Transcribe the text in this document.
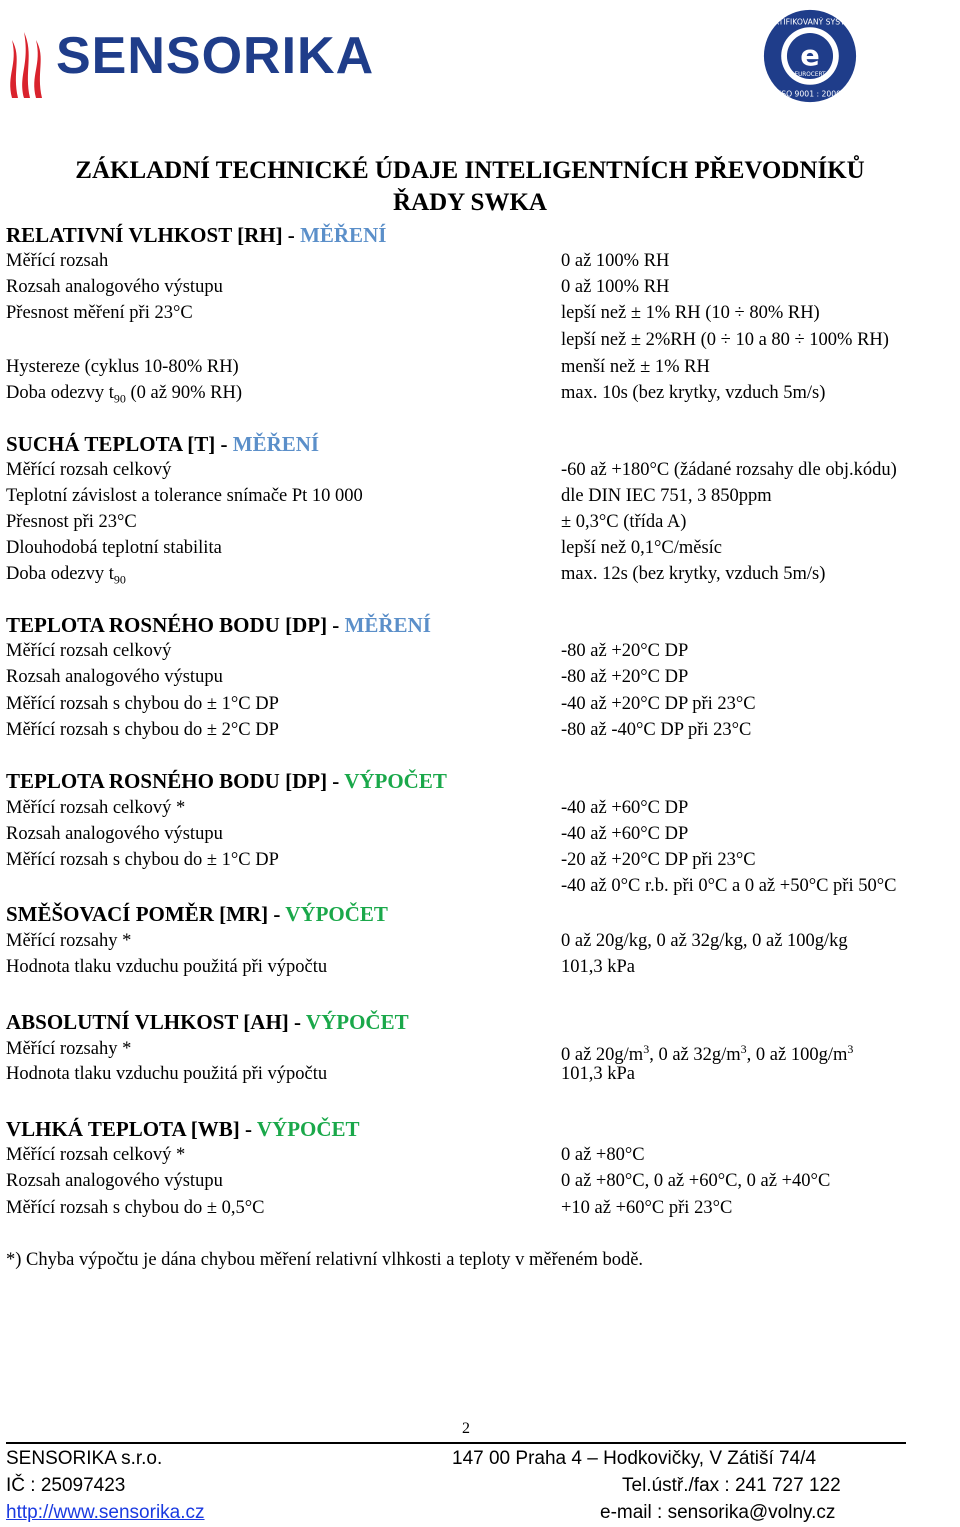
SENSORIKA	e
CERTIFIKOVANÝ SYSTÉM
ISO 9001 : 2000
EUROCERT
ZÁKLADNÍ TECHNICKÉ ÚDAJE INTELIGENTNÍCH PŘEVODNÍKŮ
ŘADY SWKA
RELATIVNÍ VLHKOST [RH] - MĚŘENÍ
Měřící rozsah	0 až 100% RH
Rozsah analogového výstupu	0 až 100% RH
Přesnost měření při 23°C	lepší než ± 1% RH (10 ÷ 80% RH)
lepší než ± 2%RH (0 ÷ 10 a 80 ÷ 100% RH)
Hystereze (cyklus 10-80% RH)	menší než ± 1% RH
Doba odezvy $t_{90}$ (0 až 90% RH)	max. 10s (bez krytky, vzduch 5m/s)
SUCHÁ TEPLOTA [T] - MĚŘENÍ
Měřící rozsah celkový	-60 až +180°C (žádané rozsahy dle obj.kódu)
Teplotní závislost a tolerance snímače Pt 10 000	dle DIN IEC 751, 3 850ppm
Přesnost při 23°C	± 0,3°C (třída A)
Dlouhodobá teplotní stabilita	lepší než 0,1°C/měsíc
Doba odezvy $t_{90}$	max. 12s (bez krytky, vzduch 5m/s)
TEPLOTA ROSNÉHO BODU [DP] - MĚŘENÍ
Měřící rozsah celkový	-80 až +20°C DP
Rozsah analogového výstupu	-80 až +20°C DP
Měřící rozsah s chybou do ± 1°C DP	-40 až +20°C DP při 23°C
Měřící rozsah s chybou do ± 2°C DP	-80 až -40°C DP při 23°C
TEPLOTA ROSNÉHO BODU [DP] - VÝPOČET
Měřící rozsah celkový *	-40 až +60°C DP
Rozsah analogového výstupu	-40 až +60°C DP
Měřící rozsah s chybou do ± 1°C DP	-20 až +20°C DP při 23°C
-40 až 0°C r.b. při 0°C a 0 až +50°C při 50°C
SMĚŠOVACÍ POMĚR [MR] - VÝPOČET
Měřící rozsahy *	0 až 20g/kg, 0 až 32g/kg, 0 až 100g/kg
Hodnota tlaku vzduchu použitá při výpočtu	101,3 kPa
ABSOLUTNÍ VLHKOST [AH] - VÝPOČET
Měřící rozsahy *	0 až $20g/m^3$, 0 až $32g/m^3$, 0 až $100g/m^3$
Hodnota tlaku vzduchu použitá při výpočtu	101,3 kPa
VLHKÁ TEPLOTA [WB] - VÝPOČET
Měřící rozsah celkový *	0 až +80°C
Rozsah analogového výstupu	0 až +80°C, 0 až +60°C, 0 až +40°C
Měřící rozsah s chybou do ± 0,5°C	+10 až +60°C při 23°C
*) Chyba výpočtu je dána chybou měření relativní vlhkosti a teploty v měřeném bodě.
2
SENSORIKA s.r.o.	147 00 Praha 4 – Hodkovičky, V Zátiší 74/4
IČ : 25097423	Tel.ústř./fax : 241 727 122
http://www.sensorika.cz	e-mail : sensorika@volny.cz
